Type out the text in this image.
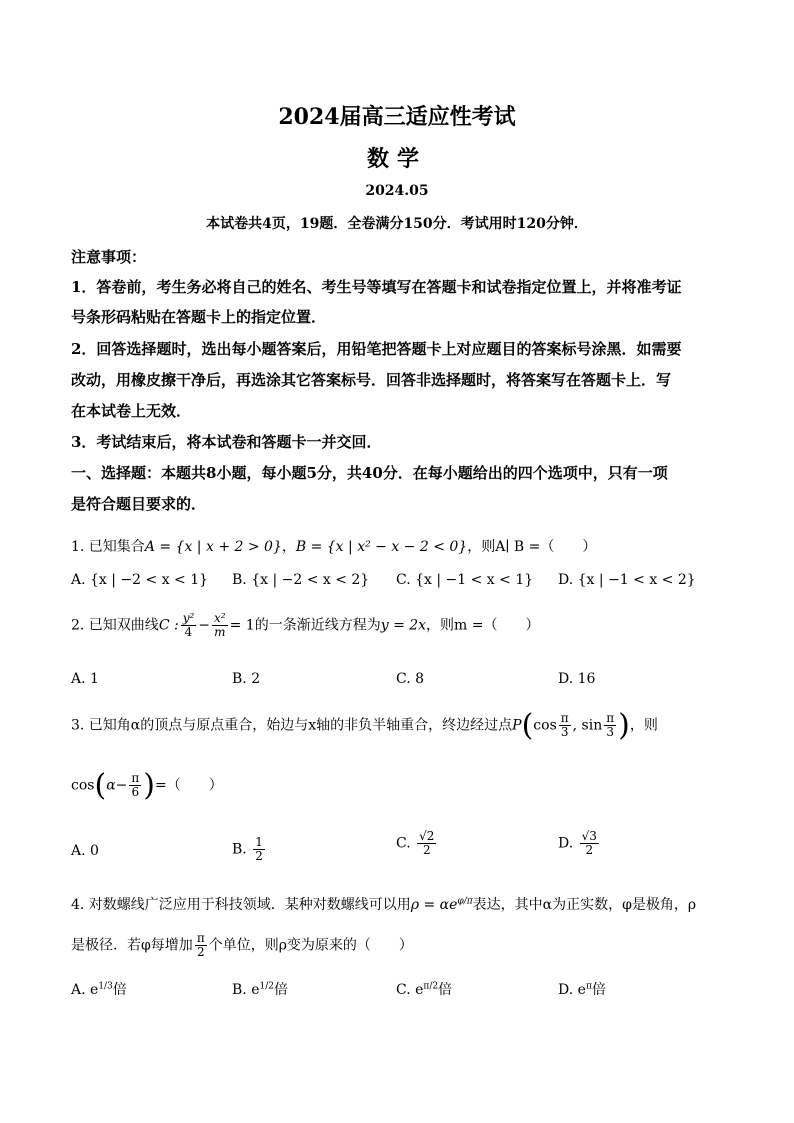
2024届高三适应性考试
数学
2024.05
本试卷共4页，19题．全卷满分150分．考试用时120分钟．
注意事项：
1．答卷前，考生务必将自己的姓名、考生号等填写在答题卡和试卷指定位置上，并将准考证
号条形码粘贴在答题卡上的指定位置．
2．回答选择题时，选出每小题答案后，用铅笔把答题卡上对应题目的答案标号涂黑．如需要
改动，用橡皮擦干净后，再选涂其它答案标号．回答非选择题时，将答案写在答题卡上．写
在本试卷上无效．
3．考试结束后，将本试卷和答题卡一并交回．
一、选择题：本题共8小题，每小题5分，共40分．在每小题给出的四个选项中，只有一项
是符合题目要求的．
1. 已知集合A = {x | x + 2 > 0}，B = {x | x² − x − 2 < 0}，则A∣ B =（　　）
A. {x | −2 < x < 1} B. {x | −2 < x < 2} C. {x | −1 < x < 1} D. {x | −1 < x < 2}
2. 已知双曲线C : $\frac{\text{y²}}{4} - \frac{\text{x²}}{m} = 1$的一条渐近线方程为y = 2x，则m =（　　）
A. 1	B. 2	C. 8	D. 16
3. 已知角α的顶点与原点重合，始边与x轴的非负半轴重合，终边经过点$P(\cos \frac{\pi}{3}$ , $\sin \frac{\pi}{3}$ )，则
$\cos(\alpha- \frac{\pi}{6}$ )=（　　）
A. 0	B. $\frac{1}{2}$	C. $\frac{√2}{2}$	D. $\frac{√3}{2}$
4. 对数螺线广泛应用于科技领域．某种对数螺线可以用$\rho = \alpha e^{\varphi/\pi}$表达，其中α为正实数，φ是极角，ρ
是极径．若φ每增加 $\frac{\pi}{2}$ 个单位，则ρ变为原来的（　　）
A. $e^{1/3}$倍	B. $e^{1/2}$倍	C. $e^{\pi/2}$倍	D. $e^\pi$倍
